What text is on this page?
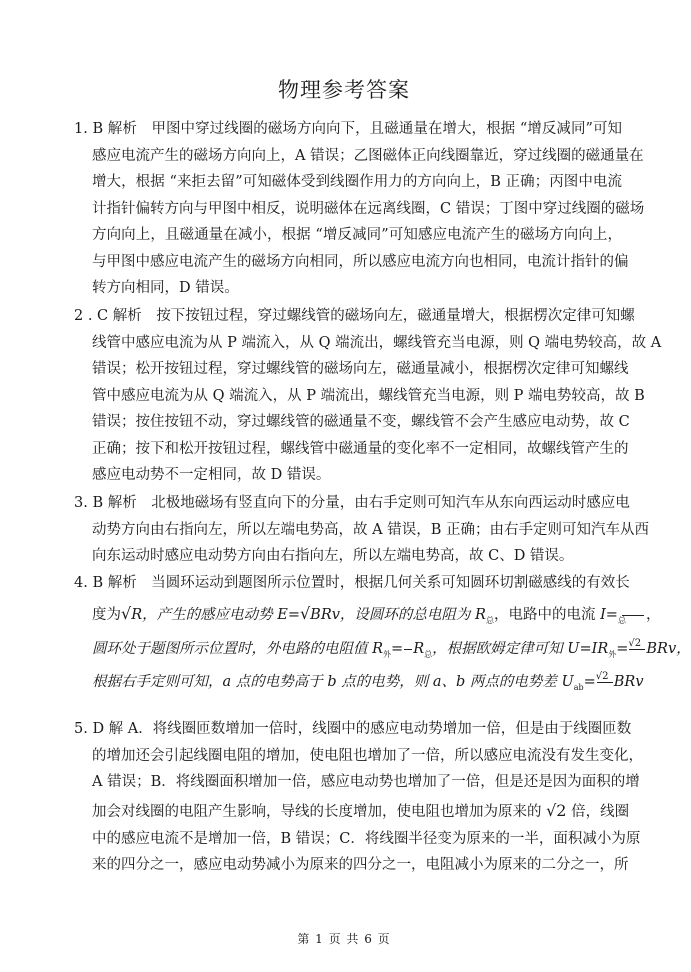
物理参考答案
1. B 解析　甲图中穿过线圈的磁场方向向下，且磁通量在增大，根据 “增反减同”可知
感应电流产生的磁场方向向上，A 错误；乙图磁体正向线圈靠近，穿过线圈的磁通量在
增大，根据 “来拒去留”可知磁体受到线圈作用力的方向向上，B 正确；丙图中电流
计指针偏转方向与甲图中相反，说明磁体在远离线圈，C 错误；丁图中穿过线圈的磁场
方向向上，且磁通量在减小，根据 “增反减同”可知感应电流产生的磁场方向向上，
与甲图中感应电流产生的磁场方向相同，所以感应电流方向也相同，电流计指针的偏
转方向相同，D 错误。
2 . C 解析　按下按钮过程，穿过螺线管的磁场向左，磁通量增大，根据楞次定律可知螺
线管中感应电流为从 P 端流入，从 Q 端流出，螺线管充当电源，则 Q 端电势较高，故 A
错误；松开按钮过程，穿过螺线管的磁场向左，磁通量减小，根据楞次定律可知螺线
管中感应电流为从 Q 端流入，从 P 端流出，螺线管充当电源，则 P 端电势较高，故 B
错误；按住按钮不动，穿过螺线管的磁通量不变，螺线管不会产生感应电动势，故 C
正确；按下和松开按钮过程，螺线管中磁通量的变化率不一定相同，故螺线管产生的
感应电动势不一定相同，故 D 错误。
3. B 解析　北极地磁场有竖直向下的分量，由右手定则可知汽车从东向西运动时感应电
动势方向由右指向左，所以左端电势高，故 A 错误，B 正确；由右手定则可知汽车从西
向东运动时感应电动势方向由右指向左，所以左端电势高，故 C、D 错误。
4. B 解析　当圆环运动到题图所示位置时，根据几何关系可知圆环切割磁感线的有效长
度为√R，产生的感应电动势 E=√BRv，设圆环的总电阻为 $R_总$，电路中的电流 I= 总	，
圆环处于题图所示位置时，外电路的电阻值 $R_外= R_总$，根据欧姆定律可知 $U=IR_外= √2$ BRv，
根据右手定则可知，a 点的电势高于 b 点的电势，则 a、b 两点的电势差 $U_{ab}= √2$ BRv
5. D 解 A．将线圈匝数增加一倍时，线圈中的感应电动势增加一倍，但是由于线圈匝数
的增加还会引起线圈电阻的增加，使电阻也增加了一倍，所以感应电流没有发生变化，
A 错误；B．将线圈面积增加一倍，感应电动势也增加了一倍，但是还是因为面积的增
加会对线圈的电阻产生影响，导线的长度增加，使电阻也增加为原来的 √2 倍，线圈
中的感应电流不是增加一倍，B 错误；C．将线圈半径变为原来的一半，面积减小为原
来的四分之一，感应电动势减小为原来的四分之一，电阻减小为原来的二分之一，所
第 1 页 共 6 页
